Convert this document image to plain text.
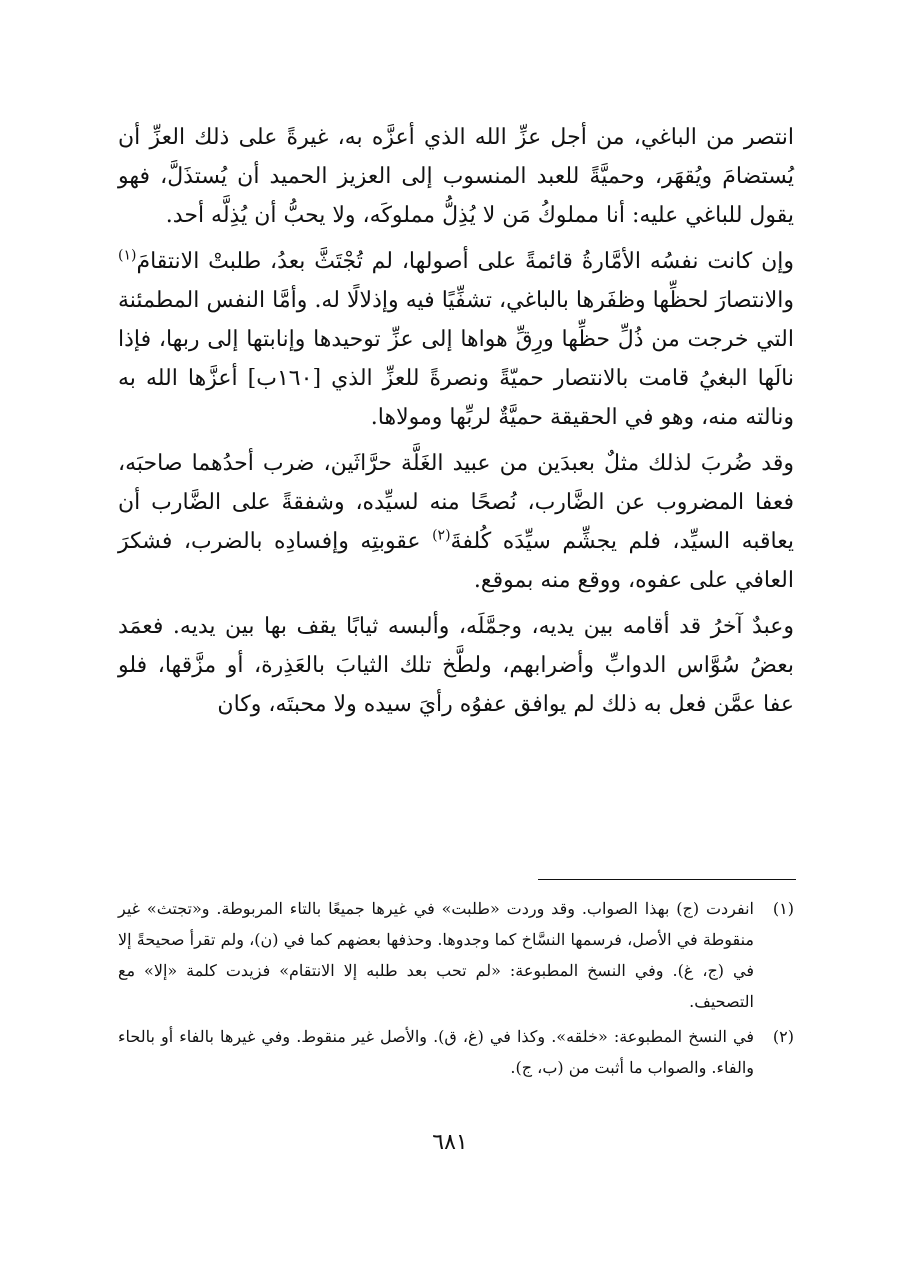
انتصر من الباغي، من أجل عزِّ الله الذي أعزَّه به، غيرةً على ذلك العزِّ أن يُستضامَ ويُقهَر، وحميَّةً للعبد المنسوب إلى العزيز الحميد أن يُستذَلَّ، فهو يقول للباغي عليه: أنا مملوكُ مَن لا يُذِلُّ مملوكَه، ولا يحبُّ أن يُذِلَّه أحد.

وإن كانت نفسُه الأمَّارةُ قائمةً على أصولها، لم تُجْتَثَّ بعدُ، طلبتْ الانتقامَ$^{(١)}$ والانتصارَ لحظِّها وظفَرها بالباغي، تشفِّيًا فيه وإذلالًا له. وأمَّا النفس المطمئنة التي خرجت من ذُلِّ حظِّها ورِقِّ هواها إلى عزِّ توحيدها وإنابتها إلى ربها، فإذا نالَها البغيُ قامت بالانتصار حميّةً ونصرةً للعزِّ الذي [١٦٠ب] أعزَّها الله به ونالته منه، وهو في الحقيقة حميَّةٌ لربِّها ومولاها.

وقد ضُربَ لذلك مثلٌ بعبدَين من عبيد الغَلَّة حرَّاثَين، ضرب أحدُهما صاحبَه، فعفا المضروب عن الضَّارب، نُصحًا منه لسيِّده، وشفقةً على الضَّارب أن يعاقبه السيِّد، فلم يجشِّم سيِّدَه كُلفةَ$^{(٢)}$ عقوبتِه وإفسادِه بالضرب، فشكرَ العافي على عفوه، ووقع منه بموقع.

وعبدٌ آخرُ قد أقامه بين يديه، وجمَّلَه، وألبسه ثيابًا يقف بها بين يديه. فعمَد بعضُ سُوَّاس الدوابِّ وأضرابهم، ولطَّخ تلك الثيابَ بالعَذِرة، أو مزَّقها، فلو عفا عمَّن فعل به ذلك لم يوافق عفوُه رأيَ سيده ولا محبتَه، وكان

(١)
انفردت (ج) بهذا الصواب. وقد وردت «طلبت» في غيرها جميعًا بالتاء المربوطة. و«تجتث» غير منقوطة في الأصل، فرسمها النسَّاخ كما وجدوها. وحذفها بعضهم كما في (ن)، ولم تقرأ صحيحةً إلا في (ج، غ). وفي النسخ المطبوعة: «لم تحب بعد طلبه إلا الانتقام» فزيدت كلمة «إلا» مع التصحيف.
(٢)
في النسخ المطبوعة: «خلقه». وكذا في (غ، ق). والأصل غير منقوط. وفي غيرها بالفاء أو بالحاء والفاء. والصواب ما أثبت من (ب، ج).
٦٨١
